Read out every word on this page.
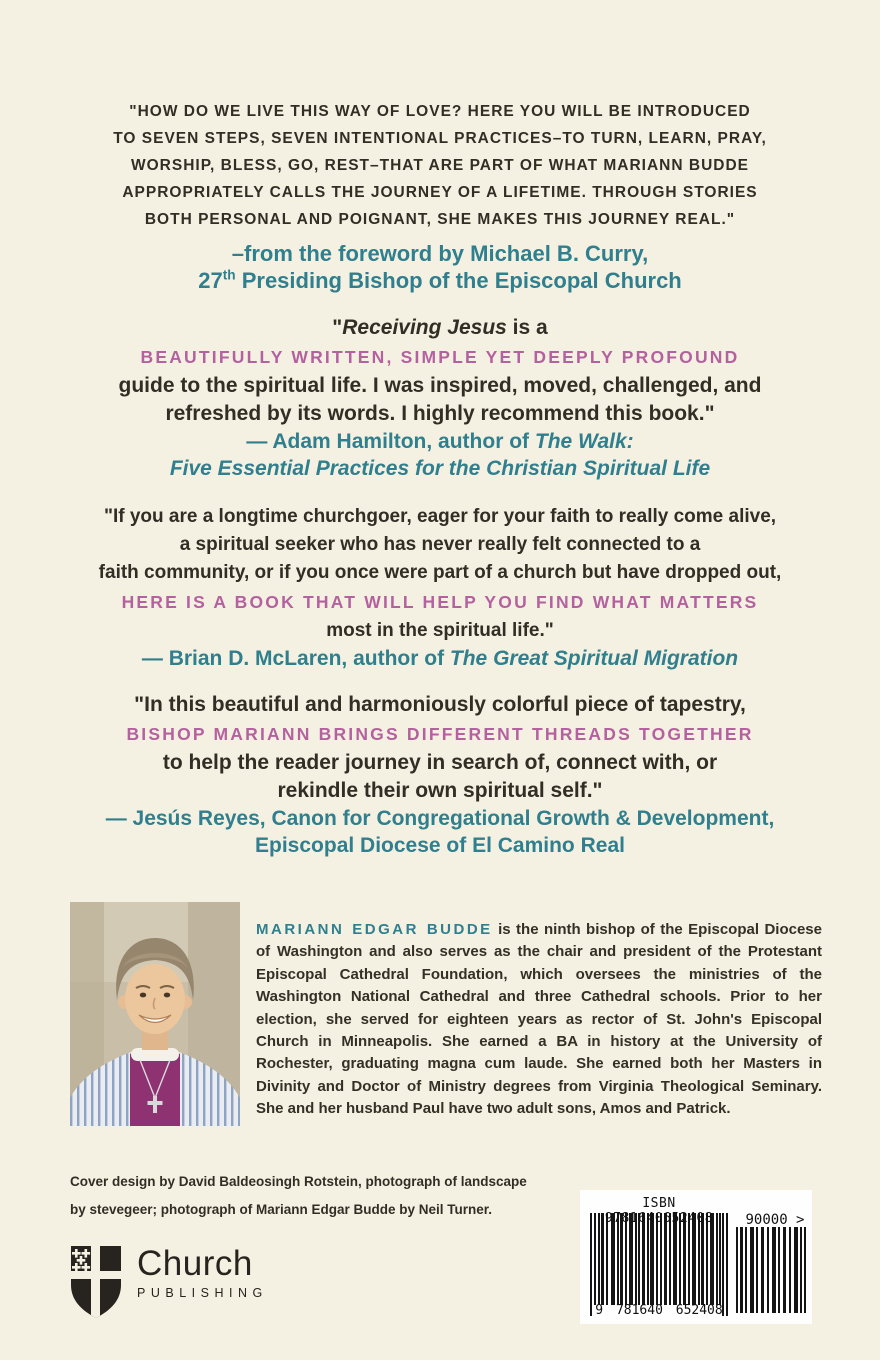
"HOW DO WE LIVE THIS WAY OF LOVE? HERE YOU WILL BE INTRODUCED
TO SEVEN STEPS, SEVEN INTENTIONAL PRACTICES–TO TURN, LEARN, PRAY,
WORSHIP, BLESS, GO, REST–THAT ARE PART OF WHAT MARIANN BUDDE
APPROPRIATELY CALLS THE JOURNEY OF A LIFETIME. THROUGH STORIES
BOTH PERSONAL AND POIGNANT, SHE MAKES THIS JOURNEY REAL."
–from the foreword by Michael B. Curry,
27th Presiding Bishop of the Episcopal Church
"Receiving Jesus is a
BEAUTIFULLY WRITTEN, SIMPLE YET DEEPLY PROFOUND
guide to the spiritual life. I was inspired, moved, challenged, and
refreshed by its words. I highly recommend this book."
— Adam Hamilton, author of The Walk:
Five Essential Practices for the Christian Spiritual Life
"If you are a longtime churchgoer, eager for your faith to really come alive,
a spiritual seeker who has never really felt connected to a
faith community, or if you once were part of a church but have dropped out,
HERE IS A BOOK THAT WILL HELP YOU FIND WHAT MATTERS
most in the spiritual life."
— Brian D. McLaren, author of The Great Spiritual Migration
"In this beautiful and harmoniously colorful piece of tapestry,
BISHOP MARIANN BRINGS DIFFERENT THREADS TOGETHER
to help the reader journey in search of, connect with, or
rekindle their own spiritual self."
— Jesús Reyes, Canon for Congregational Growth & Development,
Episcopal Diocese of El Camino Real

MARIANN EDGAR BUDDE is the ninth bishop of the Episcopal Diocese of Washington and also serves as the chair and president of the Protestant Episcopal Cathedral Foundation, which oversees the ministries of the Washington National Cathedral and three Cathedral schools. Prior to her election, she served for eighteen years as rector of St. John's Episcopal Church in Minneapolis. She earned a BA in history at the University of Rochester, graduating magna cum laude. She earned both her Masters in Divinity and Doctor of Ministry degrees from Virginia Theological Seminary. She and her husband Paul have two adult sons, Amos and Patrick.

Cover design by David Baldeosingh Rotstein, photograph of landscape
by stevegeer; photograph of Mariann Edgar Budde by Neil Turner.
Church
PUBLISHING
ISBN 9781640652408	90000 >
9 781640 652408
